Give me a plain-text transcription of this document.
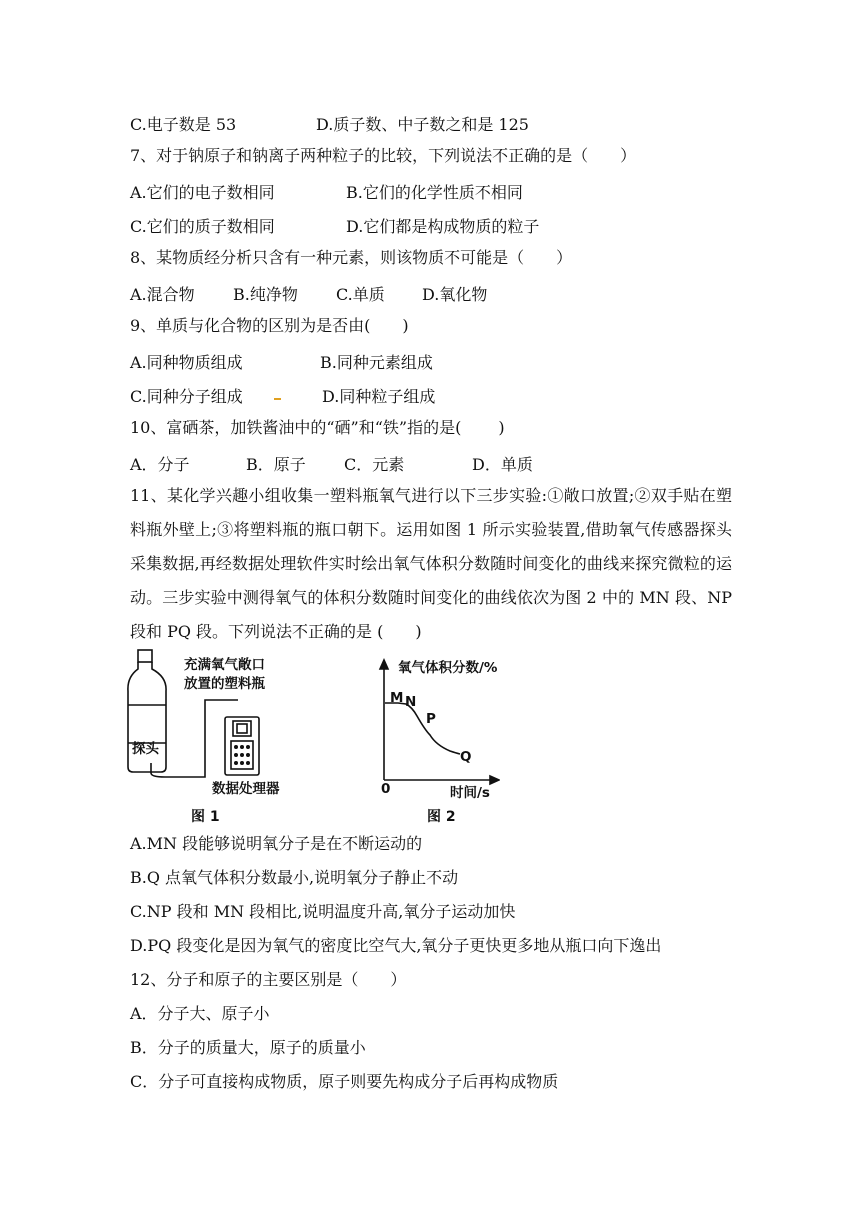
C.电子数是 53	D.质子数、中子数之和是 125
7、对于钠原子和钠离子两种粒子的比较，下列说法不正确的是（　　）
A.它们的电子数相同	B.它们的化学性质不相同
C.它们的质子数相同	D.它们都是构成物质的粒子
8、某物质经分析只含有一种元素，则该物质不可能是（　　）
A.混合物 B.纯净物 C.单质 D.氧化物
9、单质与化合物的区别为是否由(　　)
A.同种物质组成	B.同种元素组成
C.同种分子组成	D.同种粒子组成
10、富硒茶，加铁酱油中的“硒”和“铁”指的是(　　 )
A．分子	B．原子 C．元素	D．单质
11、某化学兴趣小组收集一塑料瓶氧气进行以下三步实验:①敞口放置;②双手贴在塑料瓶外壁上;③将塑料瓶的瓶口朝下。运用如图 1 所示实验装置,借助氧气传感器探头采集数据,再经数据处理软件实时绘出氧气体积分数随时间变化的曲线来探究微粒的运动。三步实验中测得氧气的体积分数随时间变化的曲线依次为图 2 中的 MN 段、NP 段和 PQ 段。下列说法不正确的是 (　　)
充满氧气敞口
放置的塑料瓶
探头
数据处理器
图 1
氧气体积分数/%
M N
P
Q
0	时间/s
图 2
A.MN 段能够说明氧分子是在不断运动的
B.Q 点氧气体积分数最小,说明氧分子静止不动
C.NP 段和 MN 段相比,说明温度升高,氧分子运动加快
D.PQ 段变化是因为氧气的密度比空气大,氧分子更快更多地从瓶口向下逸出
12、分子和原子的主要区别是（　　）
A．分子大、原子小
B．分子的质量大，原子的质量小
C．分子可直接构成物质，原子则要先构成分子后再构成物质
